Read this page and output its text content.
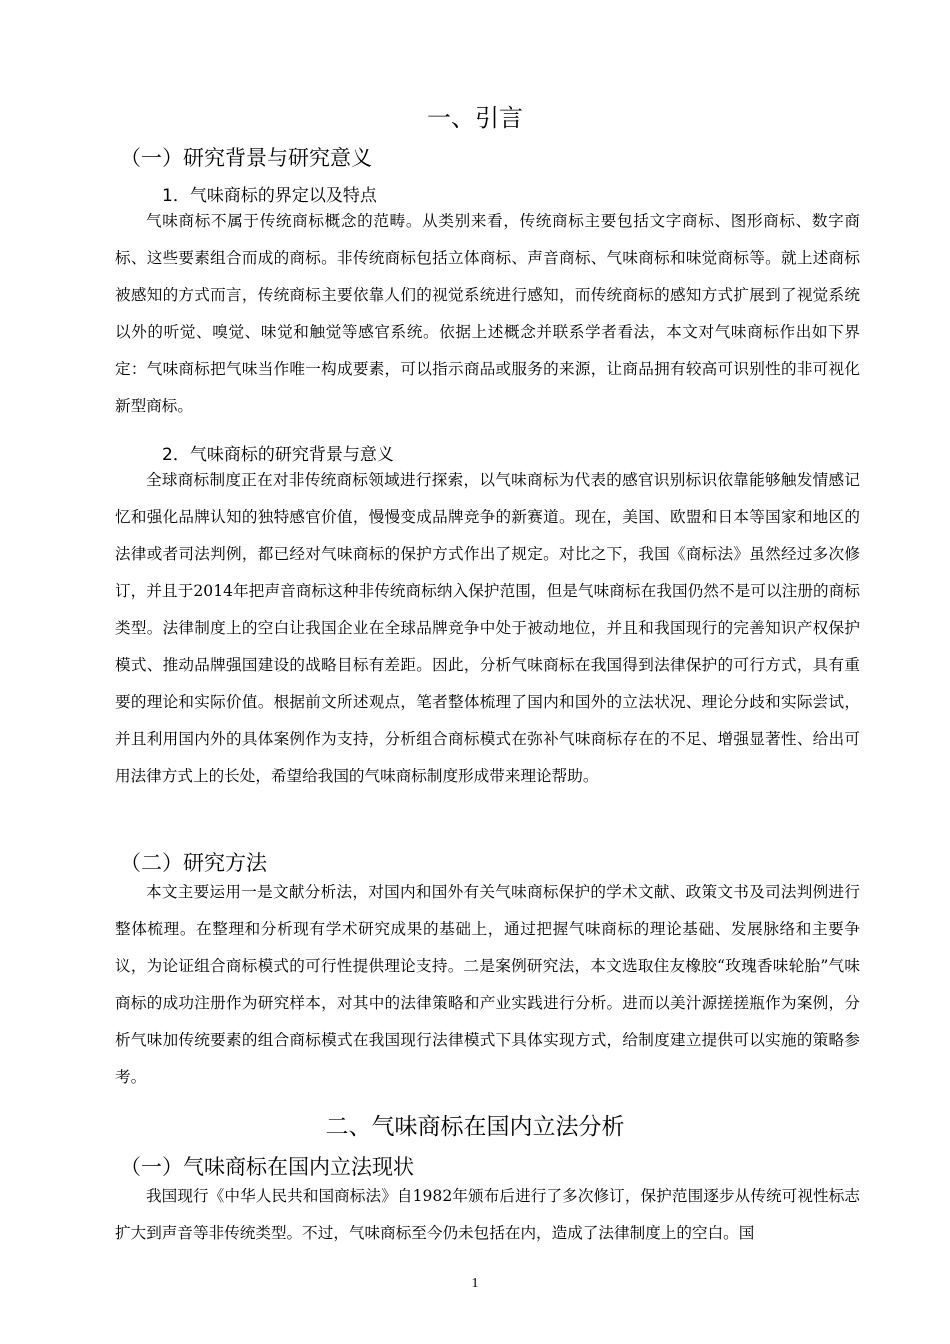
一、引言
（一）研究背景与研究意义
1．气味商标的界定以及特点

气味商标不属于传统商标概念的范畴。从类别来看，传统商标主要包括文字商标、图形商标、数字商标、这些要素组合而成的商标。非传统商标包括立体商标、声音商标、气味商标和味觉商标等。就上述商标被感知的方式而言，传统商标主要依靠人们的视觉系统进行感知，而传统商标的感知方式扩展到了视觉系统以外的听觉、嗅觉、味觉和触觉等感官系统。依据上述概念并联系学者看法，本文对气味商标作出如下界定：气味商标把气味当作唯一构成要素，可以指示商品或服务的来源，让商品拥有较高可识别性的非可视化新型商标。

2．气味商标的研究背景与意义

全球商标制度正在对非传统商标领域进行探索，以气味商标为代表的感官识别标识依靠能够触发情感记忆和强化品牌认知的独特感官价值，慢慢变成品牌竞争的新赛道。现在，美国、欧盟和日本等国家和地区的法律或者司法判例，都已经对气味商标的保护方式作出了规定。对比之下，我国《商标法》虽然经过多次修订，并且于2014年把声音商标这种非传统商标纳入保护范围，但是气味商标在我国仍然不是可以注册的商标类型。法律制度上的空白让我国企业在全球品牌竞争中处于被动地位，并且和我国现行的完善知识产权保护模式、推动品牌强国建设的战略目标有差距。因此，分析气味商标在我国得到法律保护的可行方式，具有重要的理论和实际价值。根据前文所述观点，笔者整体梳理了国内和国外的立法状况、理论分歧和实际尝试，并且利用国内外的具体案例作为支持，分析组合商标模式在弥补气味商标存在的不足、增强显著性、给出可用法律方式上的长处，希望给我国的气味商标制度形成带来理论帮助。

（二）研究方法

本文主要运用一是文献分析法，对国内和国外有关气味商标保护的学术文献、政策文书及司法判例进行整体梳理。在整理和分析现有学术研究成果的基础上，通过把握气味商标的理论基础、发展脉络和主要争议，为论证组合商标模式的可行性提供理论支持。二是案例研究法，本文选取住友橡胶“玫瑰香味轮胎”气味商标的成功注册作为研究样本，对其中的法律策略和产业实践进行分析。进而以美汁源搓搓瓶作为案例，分析气味加传统要素的组合商标模式在我国现行法律模式下具体实现方式，给制度建立提供可以实施的策略参考。

二、气味商标在国内立法分析
（一）气味商标在国内立法现状

我国现行《中华人民共和国商标法》自1982年颁布后进行了多次修订，保护范围逐步从传统可视性标志扩大到声音等非传统类型。不过，气味商标至今仍未包括在内，造成了法律制度上的空白。国

1
